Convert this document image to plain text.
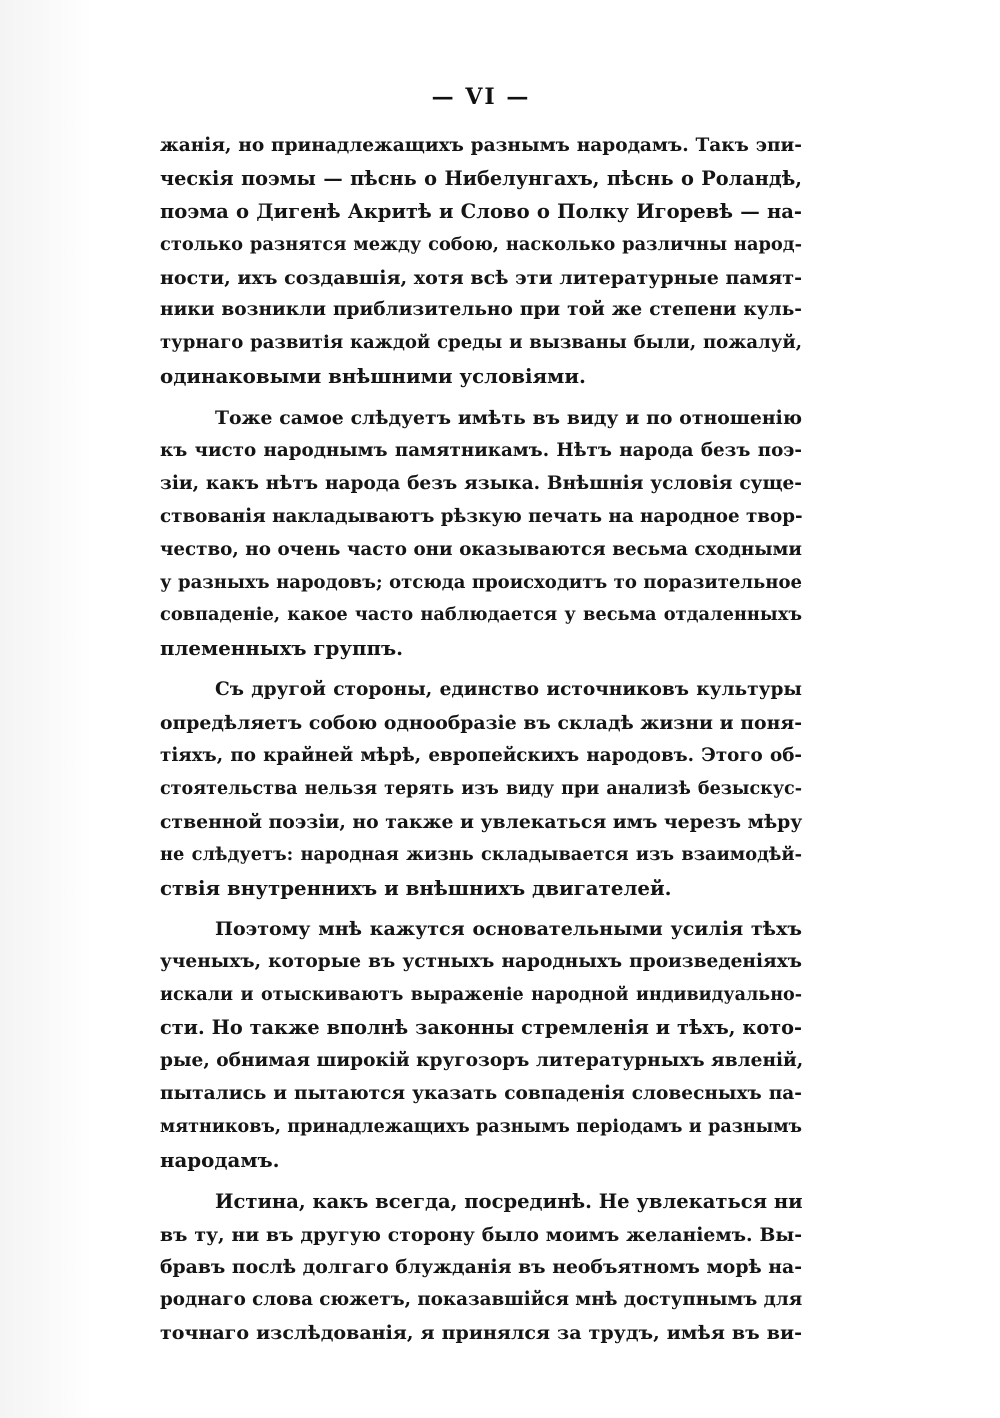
— VI —
жанія, но принадлежащихъ разнымъ народамъ. Такъ эпи-
ческія поэмы — пѣснь о Нибелунгахъ, пѣснь о Роландѣ,
поэма о Дигенѣ Акритѣ и Слово о Полку Игоревѣ — на-
столько разнятся между собою, насколько различны народ-
ности, ихъ создавшія, хотя всѣ эти литературные памят-
ники возникли приблизительно при той же степени куль-
турнаго развитія каждой среды и вызваны были, пожалуй,
одинаковыми внѣшними условіями.
Тоже самое слѣдуетъ имѣть въ виду и по отношенію
къ чисто народнымъ памятникамъ. Нѣтъ народа безъ поэ-
зіи, какъ нѣтъ народа безъ языка. Внѣшнія условія суще-
ствованія накладываютъ рѣзкую печать на народное твор-
чество, но очень часто они оказываются весьма сходными
у разныхъ народовъ; отсюда происходитъ то поразительное
совпаденіе, какое часто наблюдается у весьма отдаленныхъ
племенныхъ группъ.
Съ другой стороны, единство источниковъ культуры
опредѣляетъ собою однообразіе въ складѣ жизни и поня-
тіяхъ, по крайней мѣрѣ, европейскихъ народовъ. Этого об-
стоятельства нельзя терять изъ виду при анализѣ безыскус-
ственной поэзіи, но также и увлекаться имъ черезъ мѣру
не слѣдуетъ: народная жизнь складывается изъ взаимодѣй-
ствія внутреннихъ и внѣшнихъ двигателей.
Поэтому мнѣ кажутся основательными усилія тѣхъ
ученыхъ, которые въ устныхъ народныхъ произведеніяхъ
искали и отыскиваютъ выраженіе народной индивидуально-
сти. Но также вполнѣ законны стремленія и тѣхъ, кото-
рые, обнимая широкій кругозоръ литературныхъ явленій,
пытались и пытаются указать совпаденія словесныхъ па-
мятниковъ, принадлежащихъ разнымъ періодамъ и разнымъ
народамъ.
Истина, какъ всегда, посрединѣ. Не увлекаться ни
въ ту, ни въ другую сторону было моимъ желаніемъ. Вы-
бравъ послѣ долгаго блужданія въ необъятномъ морѣ на-
роднаго слова сюжетъ, показавшійся мнѣ доступнымъ для
точнаго изслѣдованія, я принялся за трудъ, имѣя въ ви-
